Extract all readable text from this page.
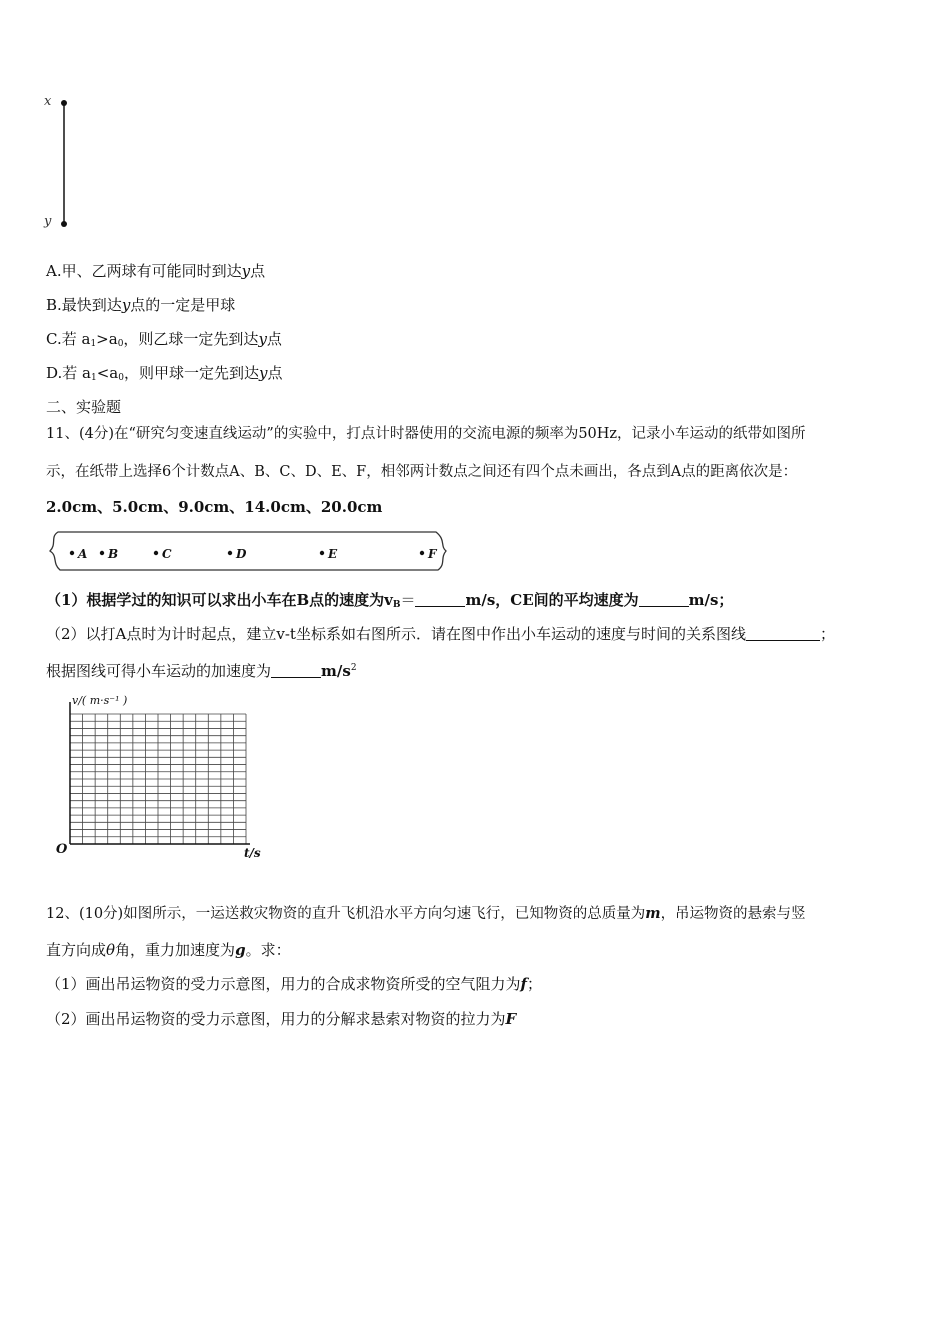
x
y
A.甲、乙两球有可能同时到达y点
B.最快到达y点的一定是甲球
C.若 $a_1>a_0$，则乙球一定先到达y点
D.若 $a_1<a_0$，则甲球一定先到达y点
二、实验题
11、(4分)在“研究匀变速直线运动”的实验中，打点计时器使用的交流电源的频率为50Hz，记录小车运动的纸带如图所
示，在纸带上选择6个计数点A、B、C、D、E、F，相邻两计数点之间还有四个点未画出，各点到A点的距离依次是：
2.0cm、5.0cm、9.0cm、14.0cm、20.0cm
A B	C	D	E	F
（1）根据学过的知识可以求出小车在B点的速度为$v_B=$	m/s，CE间的平均速度为	m/s；
（2）以打A点时为计时起点，建立v-t坐标系如右图所示．请在图中作出小车运动的速度与时间的关系图线	；
根据图线可得小车运动的加速度为	$m/s^2$
v/( m·s⁻¹ )
O	t/s
12、(10分)如图所示，一运送救灾物资的直升飞机沿水平方向匀速飞行，已知物资的总质量为m，吊运物资的悬索与竖
直方向成θ角，重力加速度为g。求：
（1）画出吊运物资的受力示意图，用力的合成求物资所受的空气阻力为f；
（2）画出吊运物资的受力示意图，用力的分解求悬索对物资的拉力为F
